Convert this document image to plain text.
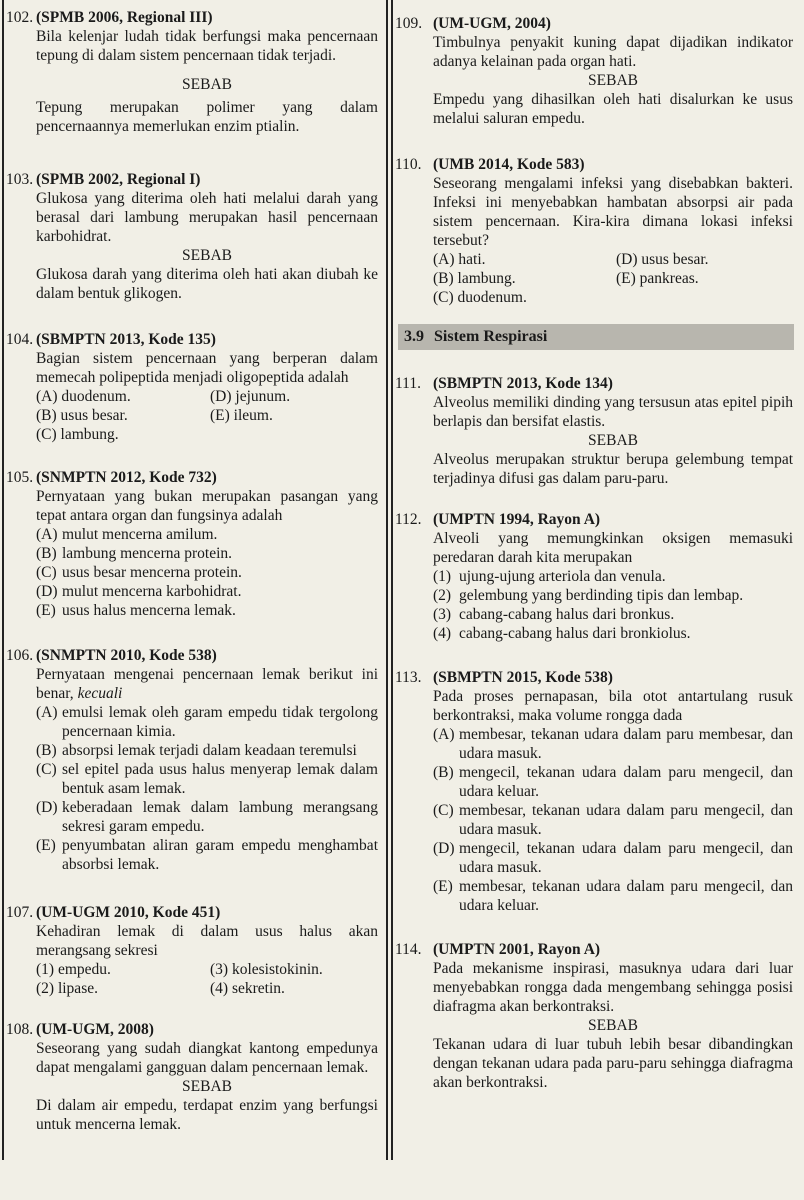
102. (SPMB 2006, Regional III)
Bila kelenjar ludah tidak berfungsi maka pencernaan tepung di dalam sistem pencernaan tidak terjadi.
SEBAB
Tepung merupakan polimer yang dalam pencernaannya memerlukan enzim ptialin.
103. (SPMB 2002, Regional I)
Glukosa yang diterima oleh hati melalui darah yang berasal dari lambung merupakan hasil pencernaan karbohidrat.
SEBAB
Glukosa darah yang diterima oleh hati akan diubah ke dalam bentuk glikogen.
104. (SBMPTN 2013, Kode 135)
Bagian sistem pencernaan yang berperan dalam memecah polipeptida menjadi oligopeptida adalah
(A) duodenum.	(D) jejunum.
(B) usus besar.	(E) ileum.
(C) lambung.
105. (SNMPTN 2012, Kode 732)
Pernyataan yang bukan merupakan pasangan yang tepat antara organ dan fungsinya adalah
(A) mulut mencerna amilum.
(B) lambung mencerna protein.
(C) usus besar mencerna protein.
(D) mulut mencerna karbohidrat.
(E) usus halus mencerna lemak.
106. (SNMPTN 2010, Kode 538)
Pernyataan mengenai pencernaan lemak berikut ini benar, kecuali
(A) emulsi lemak oleh garam empedu tidak tergolong pencernaan kimia.
(B) absorpsi lemak terjadi dalam keadaan teremulsi
(C) sel epitel pada usus halus menyerap lemak dalam bentuk asam lemak.
(D) keberadaan lemak dalam lambung merangsang sekresi garam empedu.
(E) penyumbatan aliran garam empedu menghambat absorbsi lemak.
107. (UM-UGM 2010, Kode 451)
Kehadiran lemak di dalam usus halus akan merangsang sekresi
(1) empedu.	(3) kolesistokinin.
(2) lipase.	(4) sekretin.
108. (UM-UGM, 2008)
Seseorang yang sudah diangkat kantong empedunya dapat mengalami gangguan dalam pencernaan lemak.
SEBAB
Di dalam air empedu, terdapat enzim yang berfungsi untuk mencerna lemak.
109. (UM-UGM, 2004)
Timbulnya penyakit kuning dapat dijadikan indikator adanya kelainan pada organ hati.
SEBAB
Empedu yang dihasilkan oleh hati disalurkan ke usus melalui saluran empedu.
110. (UMB 2014, Kode 583)
Seseorang mengalami infeksi yang disebabkan bakteri. Infeksi ini menyebabkan hambatan absorpsi air pada sistem pencernaan. Kira-kira dimana lokasi infeksi tersebut?
(A) hati.	(D) usus besar.
(B) lambung.	(E) pankreas.
(C) duodenum.
3.9 Sistem Respirasi
111. (SBMPTN 2013, Kode 134)
Alveolus memiliki dinding yang tersusun atas epitel pipih berlapis dan bersifat elastis.
SEBAB
Alveolus merupakan struktur berupa gelembung tempat terjadinya difusi gas dalam paru-paru.
112. (UMPTN 1994, Rayon A)
Alveoli yang memungkinkan oksigen memasuki peredaran darah kita merupakan
(1) ujung-ujung arteriola dan venula.
(2) gelembung yang berdinding tipis dan lembap.
(3) cabang-cabang halus dari bronkus.
(4) cabang-cabang halus dari bronkiolus.
113. (SBMPTN 2015, Kode 538)
Pada proses pernapasan, bila otot antartulang rusuk berkontraksi, maka volume rongga dada
(A) membesar, tekanan udara dalam paru membesar, dan udara masuk.
(B) mengecil, tekanan udara dalam paru mengecil, dan udara keluar.
(C) membesar, tekanan udara dalam paru mengecil, dan udara masuk.
(D) mengecil, tekanan udara dalam paru mengecil, dan udara masuk.
(E) membesar, tekanan udara dalam paru mengecil, dan udara keluar.
114. (UMPTN 2001, Rayon A)
Pada mekanisme inspirasi, masuknya udara dari luar menyebabkan rongga dada mengembang sehingga posisi diafragma akan berkontraksi.
SEBAB
Tekanan udara di luar tubuh lebih besar dibandingkan dengan tekanan udara pada paru-paru sehingga diafragma akan berkontraksi.
